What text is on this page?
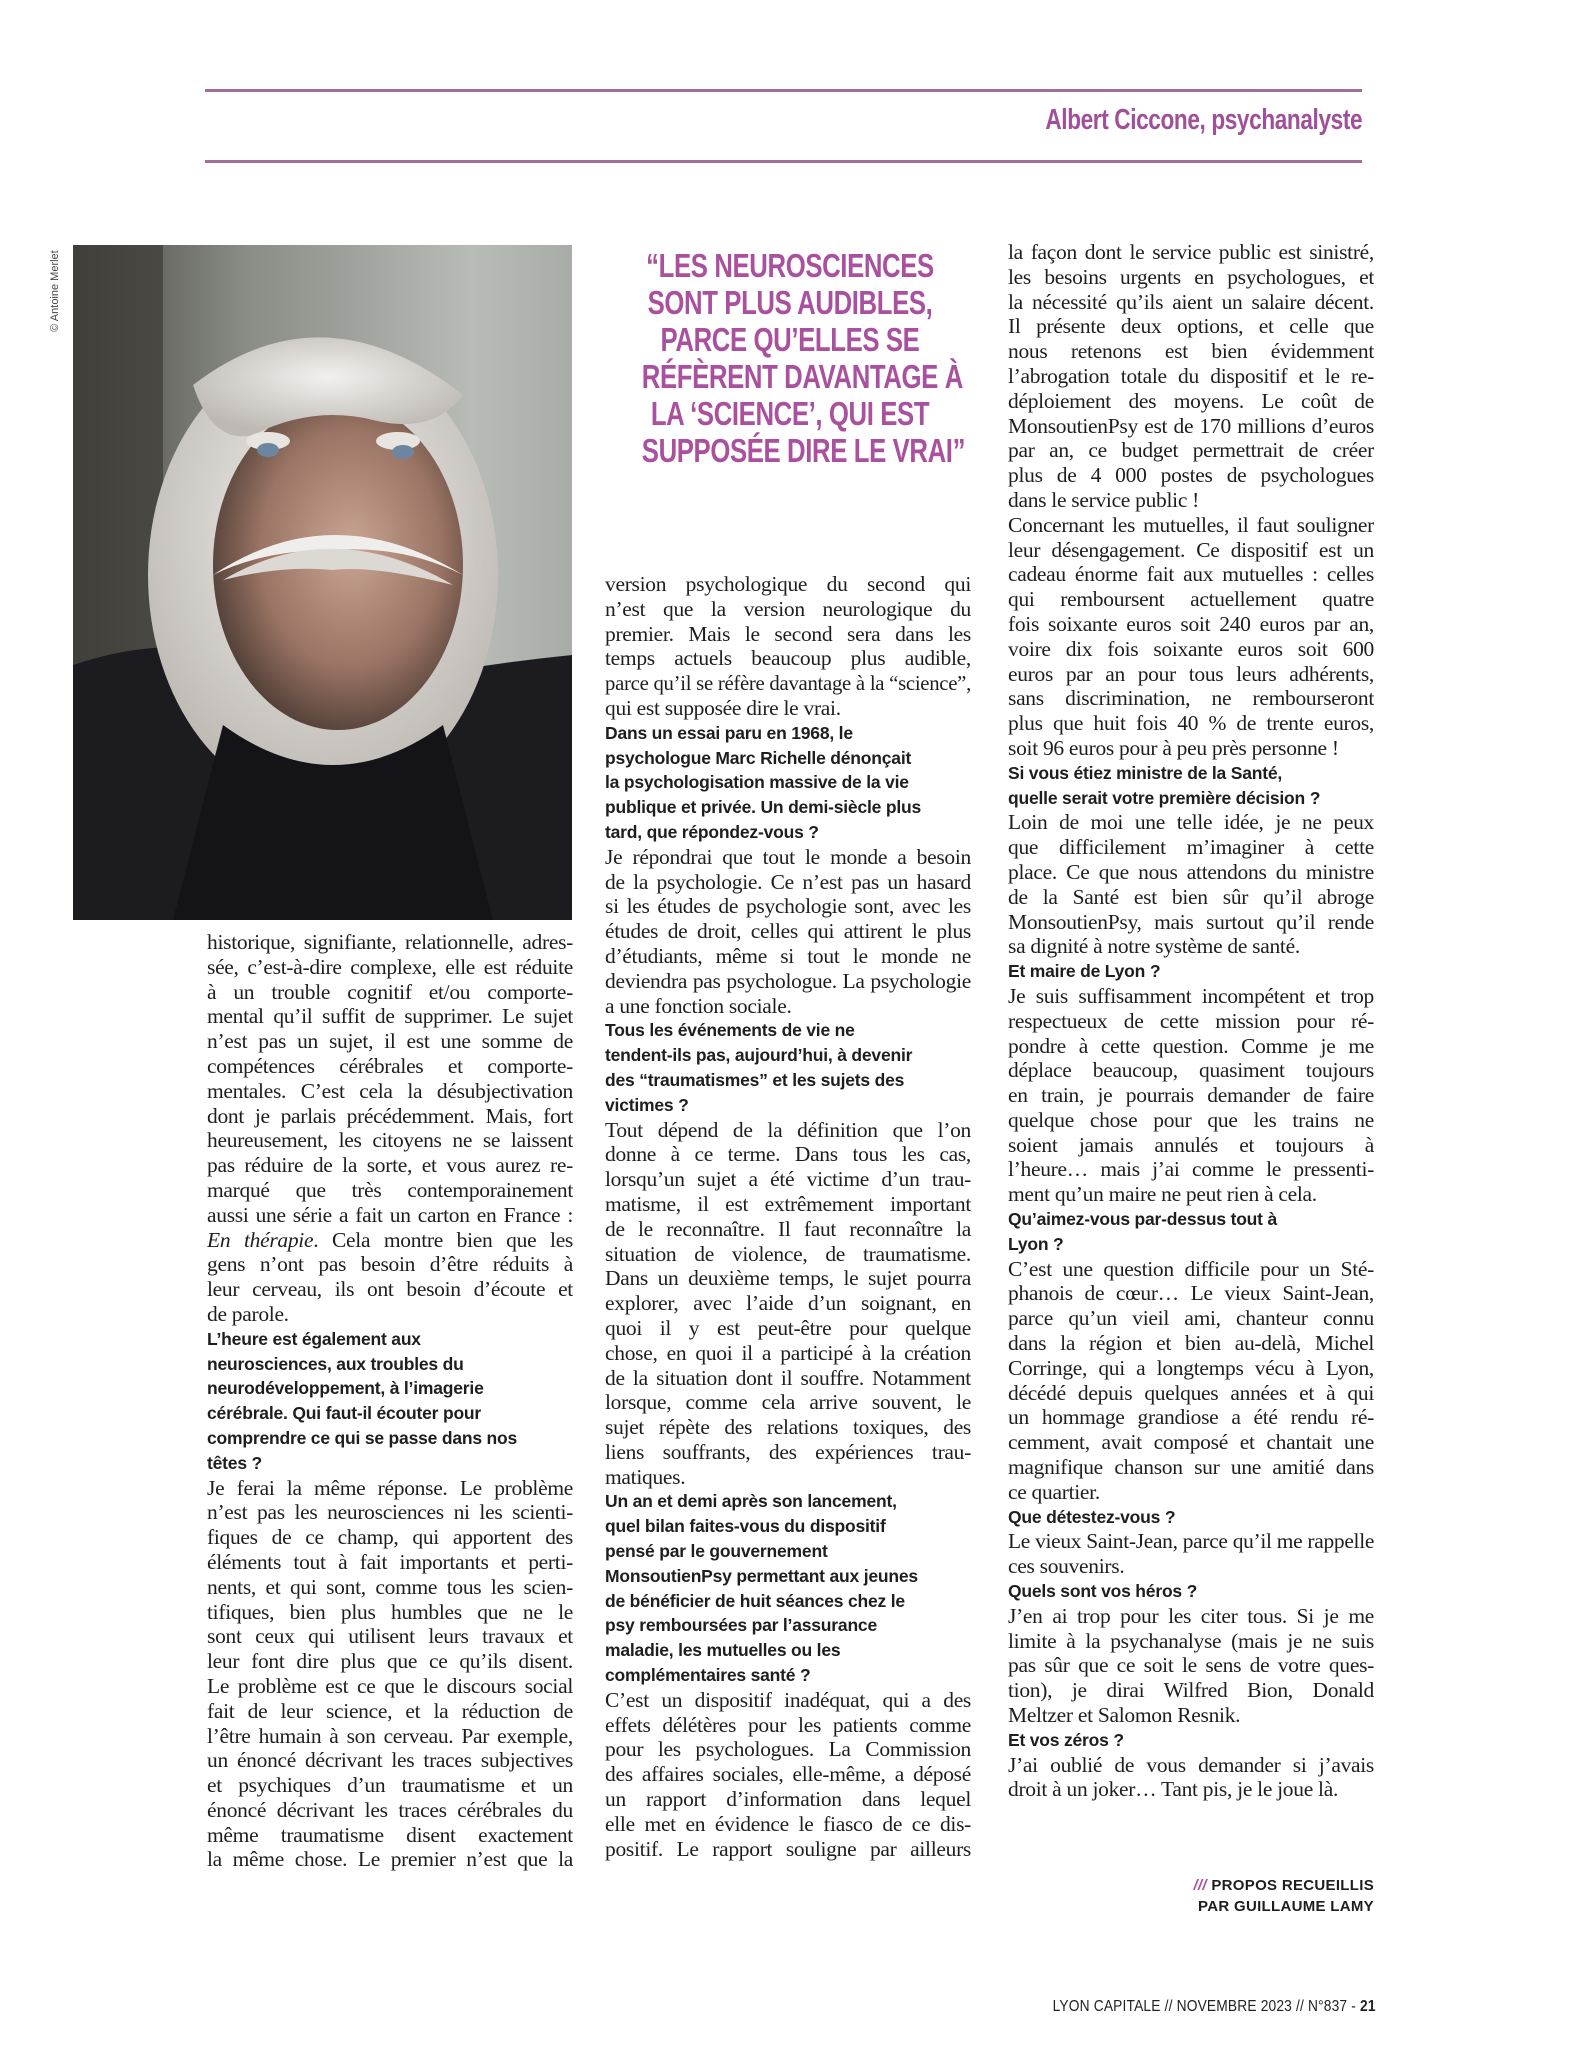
Albert Ciccone, psychanalyste
© Antoine Merlet	“LES NEUROSCIENCES
SONT PLUS AUDIBLES,
PARCE QU’ELLES SE
RÉFÈRENT DAVANTAGE À
LA ‘SCIENCE’, QUI EST
SUPPOSÉE DIRE LE VRAI”
historique, signifiante, relationnelle, adres-
sée, c’est-à-dire complexe, elle est réduite
à un trouble cognitif et/ou comporte-
mental qu’il suffit de supprimer. Le sujet
n’est pas un sujet, il est une somme de
compétences cérébrales et comporte-
mentales. C’est cela la désubjectivation
dont je parlais précédemment. Mais, fort
heureusement, les citoyens ne se laissent
pas réduire de la sorte, et vous aurez re-
marqué que très contemporainement
aussi une série a fait un carton en France :
En thérapie. Cela montre bien que les
gens n’ont pas besoin d’être réduits à
leur cerveau, ils ont besoin d’écoute et
de parole.
L’heure est également aux
neurosciences, aux troubles du
neurodéveloppement, à l’imagerie
cérébrale. Qui faut-il écouter pour
comprendre ce qui se passe dans nos
têtes ?
Je ferai la même réponse. Le problème
n’est pas les neurosciences ni les scienti-
fiques de ce champ, qui apportent des
éléments tout à fait importants et perti-
nents, et qui sont, comme tous les scien-
tifiques, bien plus humbles que ne le
sont ceux qui utilisent leurs travaux et
leur font dire plus que ce qu’ils disent.
Le problème est ce que le discours social
fait de leur science, et la réduction de
l’être humain à son cerveau. Par exemple,
un énoncé décrivant les traces subjectives
et psychiques d’un traumatisme et un
énoncé décrivant les traces cérébrales du
même traumatisme disent exactement
la même chose. Le premier n’est que la
version psychologique du second qui
n’est que la version neurologique du
premier. Mais le second sera dans les
temps actuels beaucoup plus audible,
parce qu’il se réfère davantage à la “science”,
qui est supposée dire le vrai.
Dans un essai paru en 1968, le
psychologue Marc Richelle dénonçait
la psychologisation massive de la vie
publique et privée. Un demi-siècle plus
tard, que répondez-vous ?
Je répondrai que tout le monde a besoin
de la psychologie. Ce n’est pas un hasard
si les études de psychologie sont, avec les
études de droit, celles qui attirent le plus
d’étudiants, même si tout le monde ne
deviendra pas psychologue. La psychologie
a une fonction sociale.
Tous les événements de vie ne
tendent-ils pas, aujourd’hui, à devenir
des “traumatismes” et les sujets des
victimes ?
Tout dépend de la définition que l’on
donne à ce terme. Dans tous les cas,
lorsqu’un sujet a été victime d’un trau-
matisme, il est extrêmement important
de le reconnaître. Il faut reconnaître la
situation de violence, de traumatisme.
Dans un deuxième temps, le sujet pourra
explorer, avec l’aide d’un soignant, en
quoi il y est peut-être pour quelque
chose, en quoi il a participé à la création
de la situation dont il souffre. Notamment
lorsque, comme cela arrive souvent, le
sujet répète des relations toxiques, des
liens souffrants, des expériences trau-
matiques.
Un an et demi après son lancement,
quel bilan faites-vous du dispositif
pensé par le gouvernement
MonsoutienPsy permettant aux jeunes
de bénéficier de huit séances chez le
psy remboursées par l’assurance
maladie, les mutuelles ou les
complémentaires santé ?
C’est un dispositif inadéquat, qui a des
effets délétères pour les patients comme
pour les psychologues. La Commission
des affaires sociales, elle-même, a déposé
un rapport d’information dans lequel
elle met en évidence le fiasco de ce dis-
positif. Le rapport souligne par ailleurs
la façon dont le service public est sinistré,
les besoins urgents en psychologues, et
la nécessité qu’ils aient un salaire décent.
Il présente deux options, et celle que
nous retenons est bien évidemment
l’abrogation totale du dispositif et le re-
déploiement des moyens. Le coût de
MonsoutienPsy est de 170 millions d’euros
par an, ce budget permettrait de créer
plus de 4 000 postes de psychologues
dans le service public !
Concernant les mutuelles, il faut souligner
leur désengagement. Ce dispositif est un
cadeau énorme fait aux mutuelles : celles
qui remboursent actuellement quatre
fois soixante euros soit 240 euros par an,
voire dix fois soixante euros soit 600
euros par an pour tous leurs adhérents,
sans discrimination, ne rembourseront
plus que huit fois 40 % de trente euros,
soit 96 euros pour à peu près personne !
Si vous étiez ministre de la Santé,
quelle serait votre première décision ?
Loin de moi une telle idée, je ne peux
que difficilement m’imaginer à cette
place. Ce que nous attendons du ministre
de la Santé est bien sûr qu’il abroge
MonsoutienPsy, mais surtout qu’il rende
sa dignité à notre système de santé.
Et maire de Lyon ?
Je suis suffisamment incompétent et trop
respectueux de cette mission pour ré-
pondre à cette question. Comme je me
déplace beaucoup, quasiment toujours
en train, je pourrais demander de faire
quelque chose pour que les trains ne
soient jamais annulés et toujours à
l’heure… mais j’ai comme le pressenti-
ment qu’un maire ne peut rien à cela.
Qu’aimez-vous par-dessus tout à
Lyon ?
C’est une question difficile pour un Sté-
phanois de cœur… Le vieux Saint-Jean,
parce qu’un vieil ami, chanteur connu
dans la région et bien au-delà, Michel
Corringe, qui a longtemps vécu à Lyon,
décédé depuis quelques années et à qui
un hommage grandiose a été rendu ré-
cemment, avait composé et chantait une
magnifique chanson sur une amitié dans
ce quartier.
Que détestez-vous ?
Le vieux Saint-Jean, parce qu’il me rappelle
ces souvenirs.
Quels sont vos héros ?
J’en ai trop pour les citer tous. Si je me
limite à la psychanalyse (mais je ne suis
pas sûr que ce soit le sens de votre ques-
tion), je dirai Wilfred Bion, Donald
Meltzer et Salomon Resnik.
Et vos zéros ?
J’ai oublié de vous demander si j’avais
droit à un joker… Tant pis, je le joue là.
/// PROPOS RECUEILLIS
PAR GUILLAUME LAMY
LYON CAPITALE // NOVEMBRE 2023 // N°837 - 21
